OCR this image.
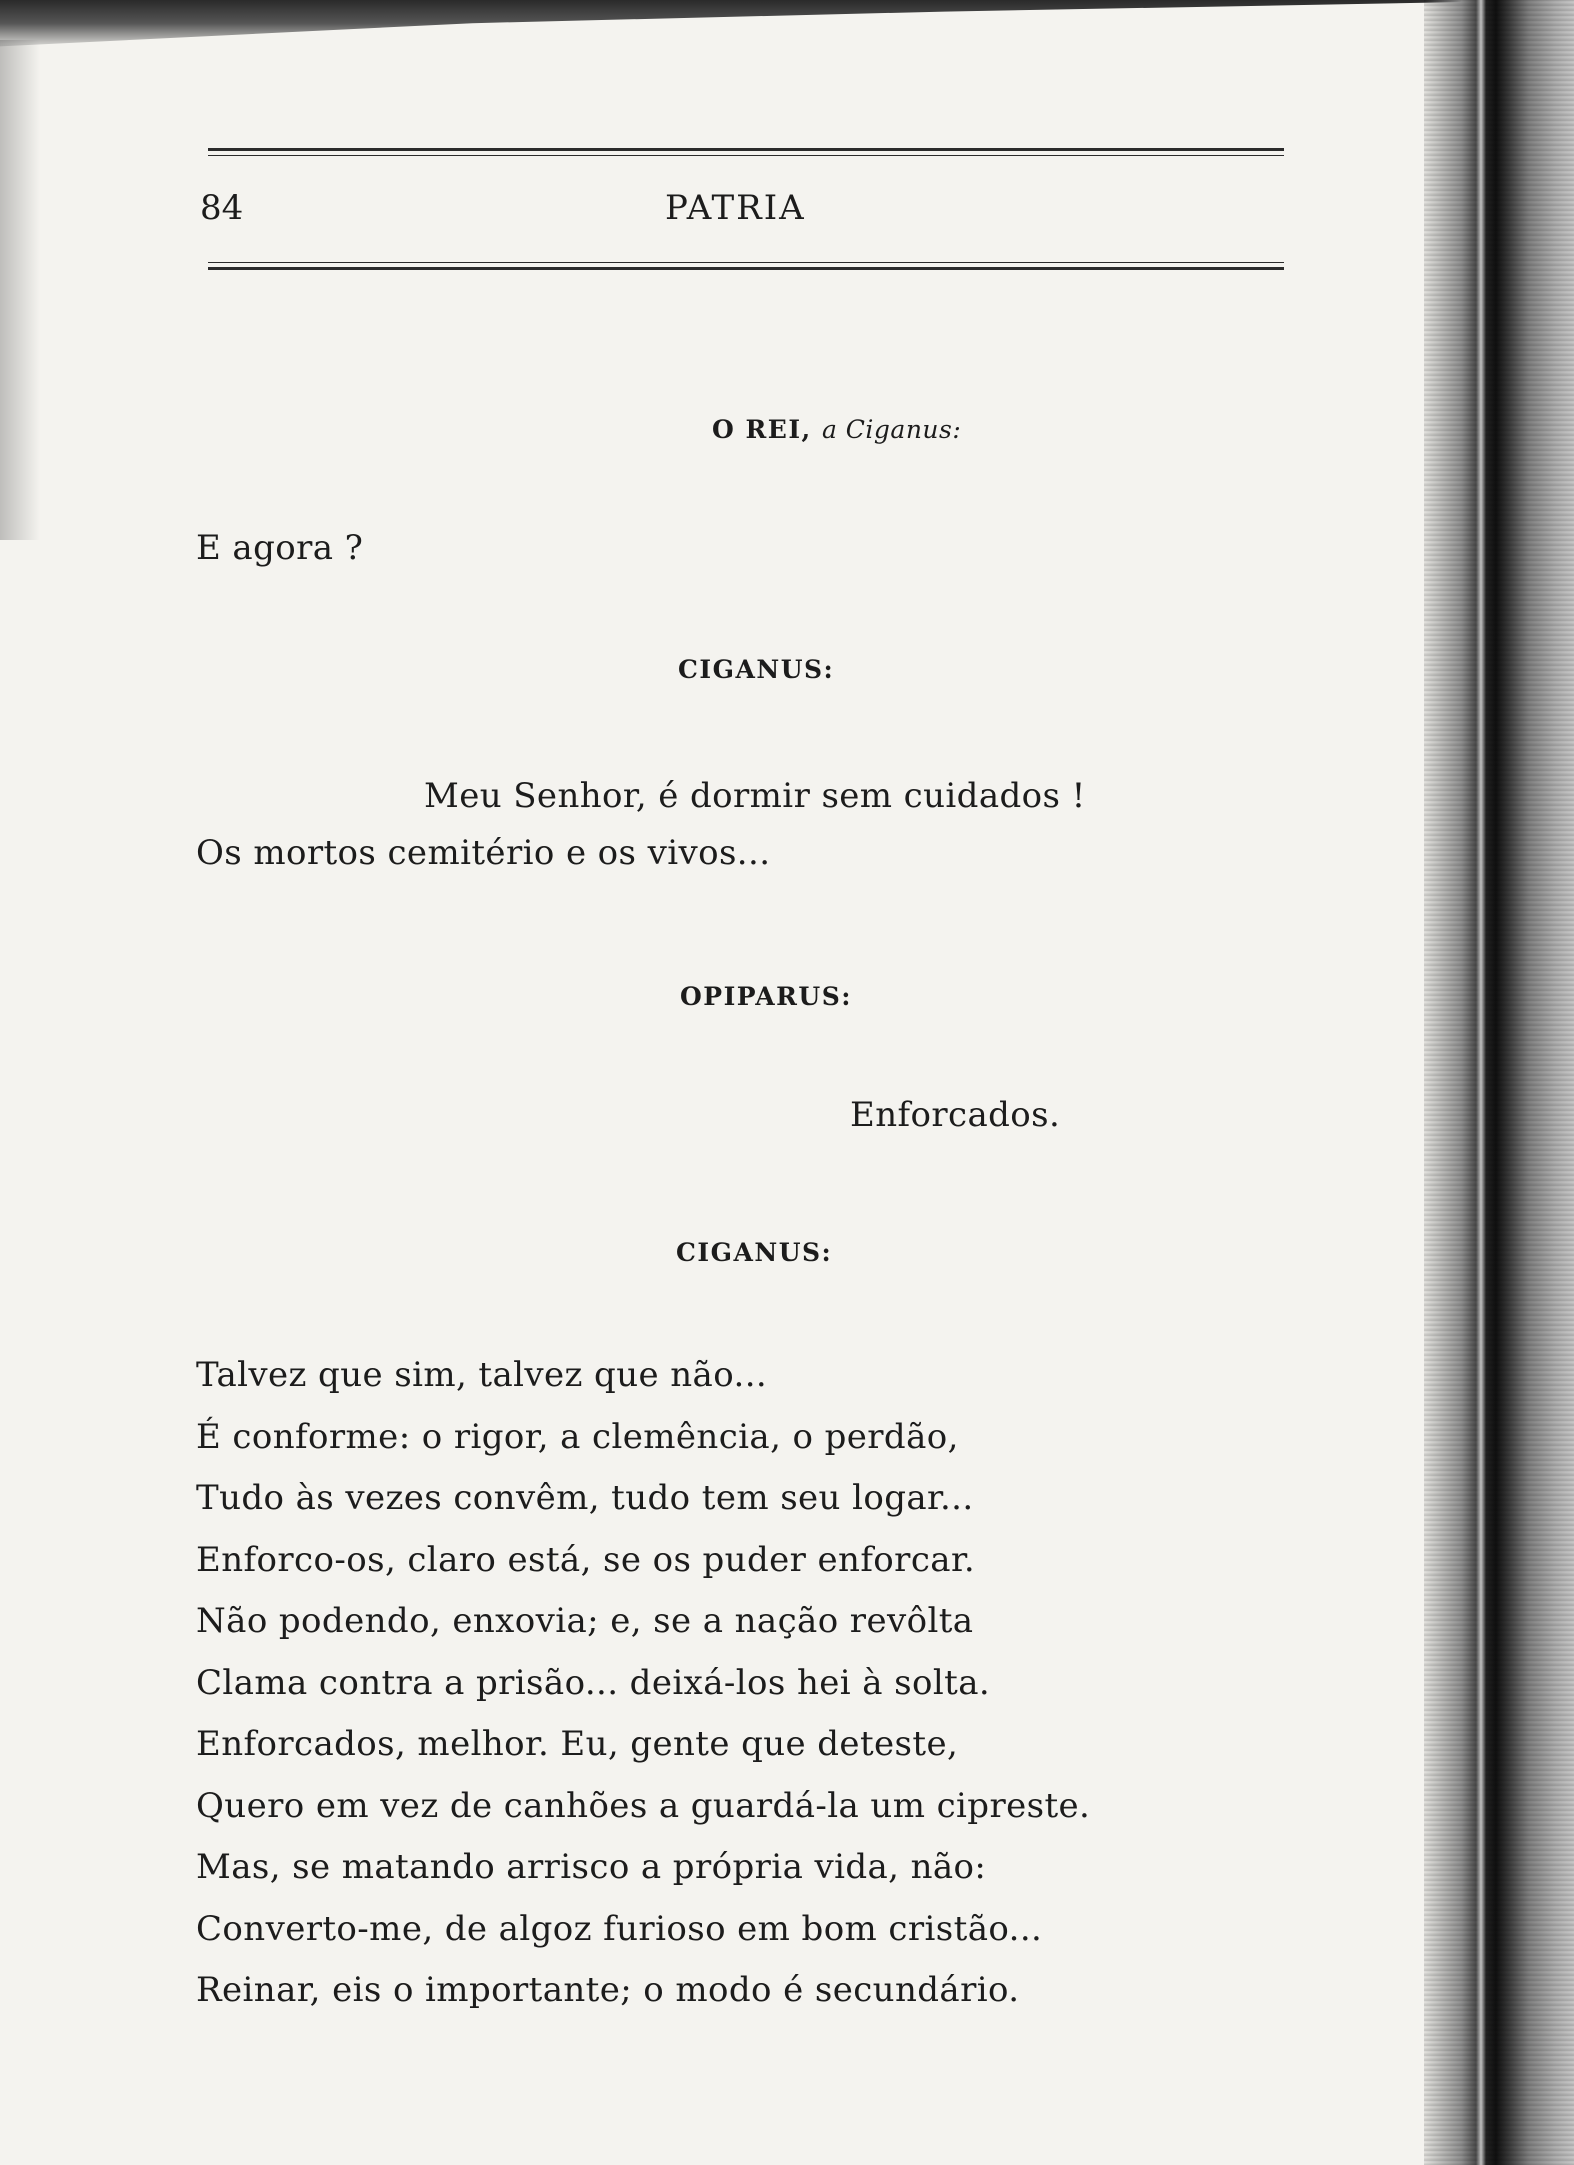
84	PATRIA
O REI, a Ciganus:
E agora ?
CIGANUS:
Meu Senhor, é dormir sem cuidados !
Os mortos cemitério e os vivos...
OPIPARUS:
Enforcados.
CIGANUS:
Talvez que sim, talvez que não...
É conforme: o rigor, a clemência, o perdão,
Tudo às vezes convêm, tudo tem seu logar...
Enforco-os, claro está, se os puder enforcar.
Não podendo, enxovia; e, se a nação revôlta
Clama contra a prisão... deixá-los hei à solta.
Enforcados, melhor. Eu, gente que deteste,
Quero em vez de canhões a guardá-la um cipreste.
Mas, se matando arrisco a própria vida, não:
Converto-me, de algoz furioso em bom cristão...
Reinar, eis o importante; o modo é secundário.
